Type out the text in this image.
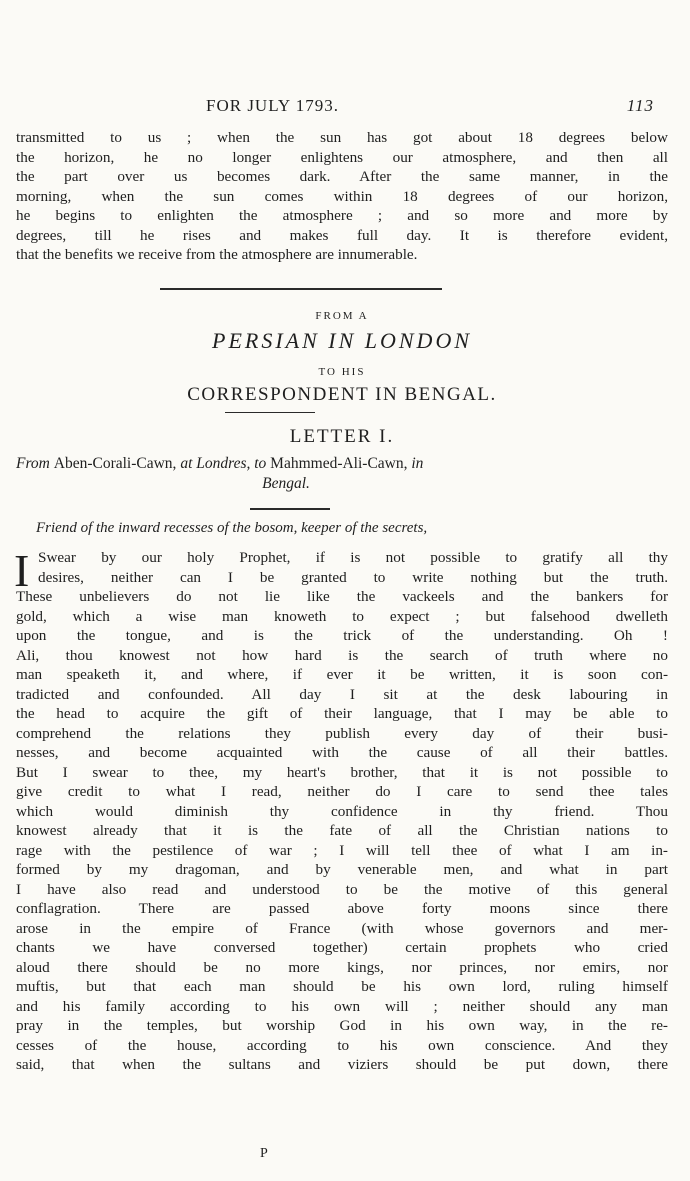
FOR JULY 1793.	113
transmitted to us ; when the sun has got about 18 degrees below
the horizon, he no longer enlightens our atmosphere, and then all
the part over us becomes dark. After the same manner, in the
morning, when the sun comes within 18 degrees of our horizon,
he begins to enlighten the atmosphere ; and so more and more by
degrees, till he rises and makes full day. It is therefore evident,
that the benefits we receive from the atmosphere are innumerable.
FROM A
PERSIAN IN LONDON
TO HIS
CORRESPONDENT IN BENGAL.
LETTER I.
From Aben-Corali-Cawn, at Londres, to Mahmmed-Ali-Cawn, in
Bengal.
Friend of the inward recesses of the bosom, keeper of the secrets,
I Swear by our holy Prophet, if is not possible to gratify all thy
desires, neither can I be granted to write nothing but the truth.
These unbelievers do not lie like the vackeels and the bankers for
gold, which a wise man knoweth to expect ; but falsehood dwelleth
upon the tongue, and is the trick of the understanding. Oh !
Ali, thou knowest not how hard is the search of truth where no
man speaketh it, and where, if ever it be written, it is soon con-
tradicted and confounded. All day I sit at the desk labouring in
the head to acquire the gift of their language, that I may be able to
comprehend the relations they publish every day of their busi-
nesses, and become acquainted with the cause of all their battles.
But I swear to thee, my heart's brother, that it is not possible to
give credit to what I read, neither do I care to send thee tales
which would diminish thy confidence in thy friend. Thou
knowest already that it is the fate of all the Christian nations to
rage with the pestilence of war ; I will tell thee of what I am in-
formed by my dragoman, and by venerable men, and what in part
I have also read and understood to be the motive of this general
conflagration. There are passed above forty moons since there
arose in the empire of France (with whose governors and mer-
chants we have conversed together) certain prophets who cried
aloud there should be no more kings, nor princes, nor emirs, nor
muftis, but that each man should be his own lord, ruling himself
and his family according to his own will ; neither should any man
pray in the temples, but worship God in his own way, in the re-
cesses of the house, according to his own conscience. And they
said, that when the sultans and viziers should be put down, there
P
